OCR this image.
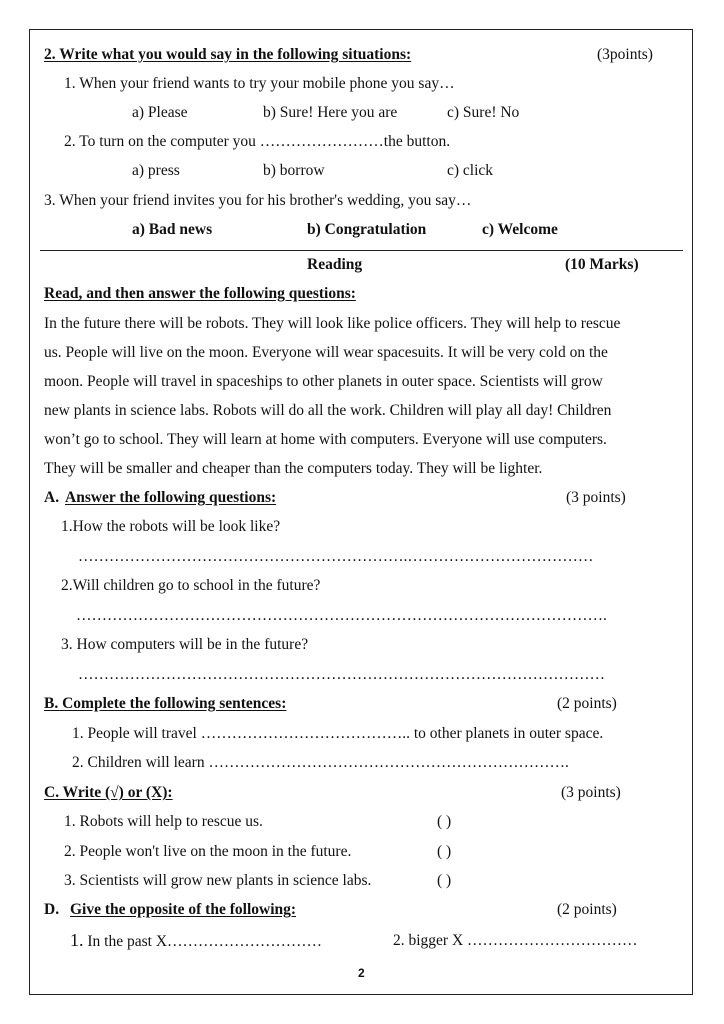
2. Write what you would say in the following situations:	(3points)
1. When your friend wants to try your mobile phone you say…
a) Please	b) Sure! Here you are	c) Sure! No
2. To turn on the computer you ……………………the button.
a) press	b) borrow	c) click
3. When your friend invites you for his brother's wedding, you say…
a) Bad news	b) Congratulation	c) Welcome
Reading	(10 Marks)
Read, and then answer the following questions:
In the future there will be robots. They will look like police officers. They will help to rescue
us. People will live on the moon. Everyone will wear spacesuits. It will be very cold on the
moon. People will travel in spaceships to other planets in outer space. Scientists will grow
new plants in science labs. Robots will do all the work. Children will play all day! Children
won’t go to school. They will learn at home with computers. Everyone will use computers.
They will be smaller and cheaper than the computers today. They will be lighter.
A. Answer the following questions:	(3 points)
1.How the robots will be look like?
……………………………………………………….………………………………
2.Will children go to school in the future?
………………………………………………………………………………………….
3. How computers will be in the future?
…………………………………………………………………………………………
B. Complete the following sentences:	(2 points)
1. People will travel ………………………………….. to other planets in outer space.
2. Children will learn …………………………………………………………….
C. Write (√) or (X):	(3 points)
1. Robots will help to rescue us.	( )
2. People won't live on the moon in the future.	( )
3. Scientists will grow new plants in science labs.	( )
D. Give the opposite of the following:	(2 points)
1. In the past X…………………………	2. bigger X ……………………………
2
